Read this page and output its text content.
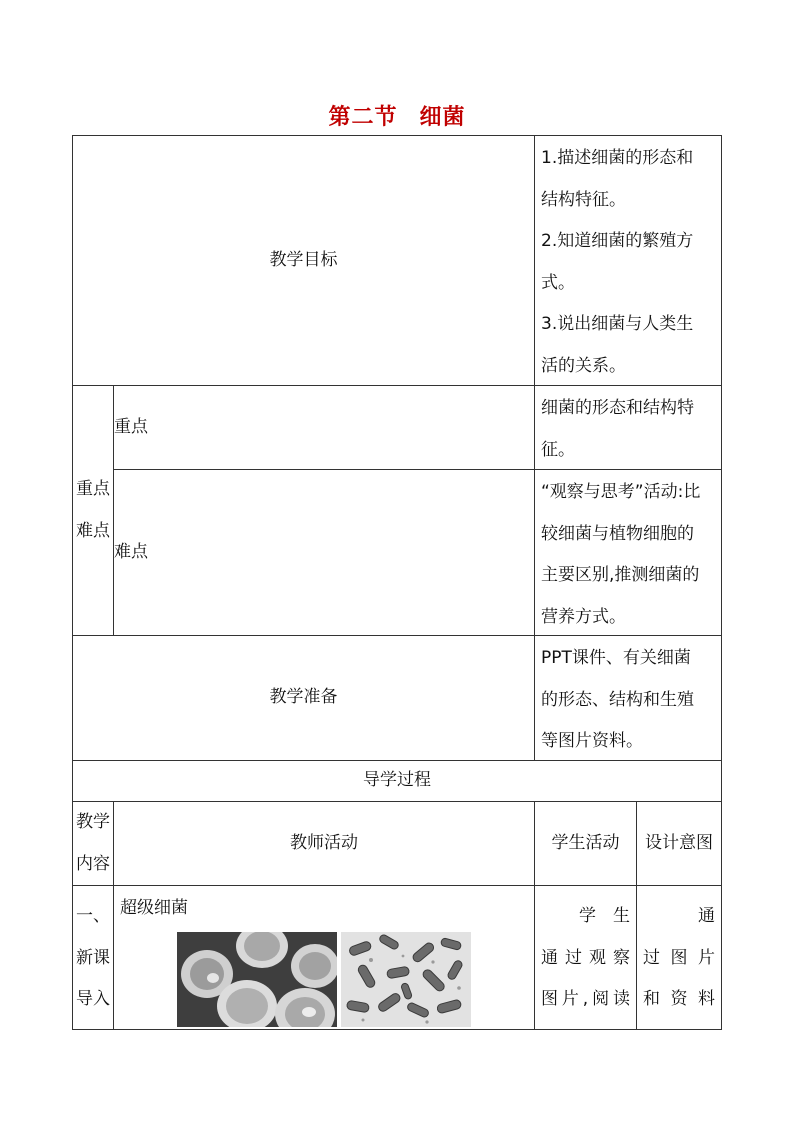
第二节 细菌
教学目标
1.描述细菌的形态和
结构特征。
2.知道细菌的繁殖方
式。
3.说出细菌与人类生
活的关系。
重点
难点
重点
细菌的形态和结构特
征。
难点
“观察与思考”活动:比
较细菌与植物细胞的
主要区别,推测细菌的
营养方式。
教学准备
PPT课件、有关细菌
的形态、结构和生殖
等图片资料。
导学过程
教学
内容
教师活动	学生活动 设计意图
一、
新课
导入
超级细菌	学　生
通过观察
图片,阅读
通
过 图 片
和 资 料
